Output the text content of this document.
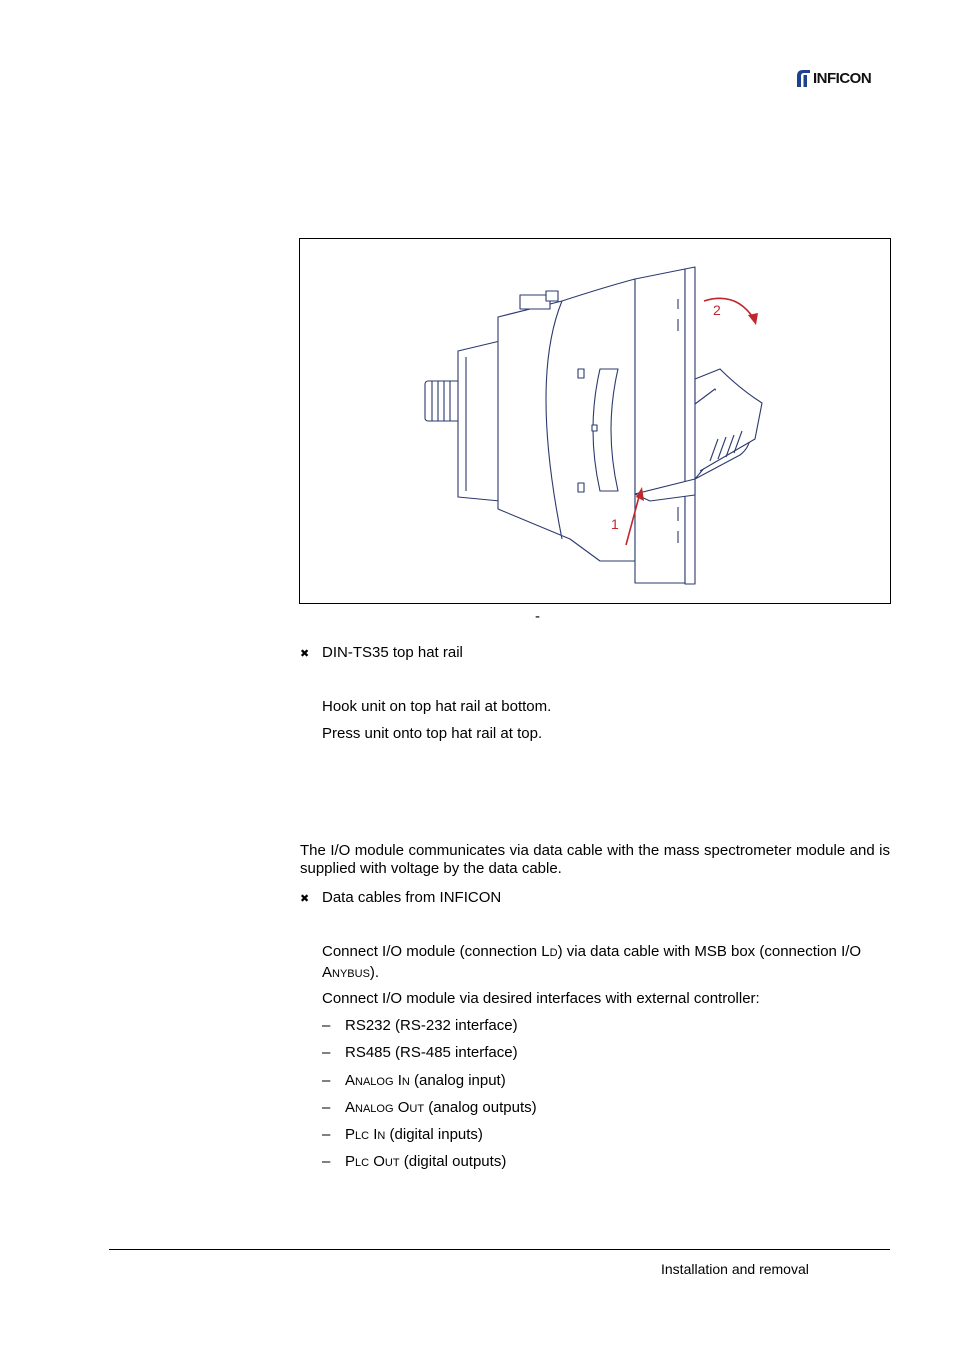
INFICON
2
1
-
✖ DIN-TS35 top hat rail
Hook unit on top hat rail at bottom.
Press unit onto top hat rail at top.
The I/O module communicates via data cable with the mass spectrometer module and is supplied with voltage by the data cable.
✖ Data cables from INFICON
Connect I/O module (connection LD) via data cable with MSB box (connection I/O ANYBUS).
Connect I/O module via desired interfaces with external controller:
– RS232 (RS-232 interface)
– RS485 (RS-485 interface)
– ANALOG IN (analog input)
– ANALOG OUT (analog outputs)
– PLC IN (digital inputs)
– PLC OUT (digital outputs)
Installation and removal
